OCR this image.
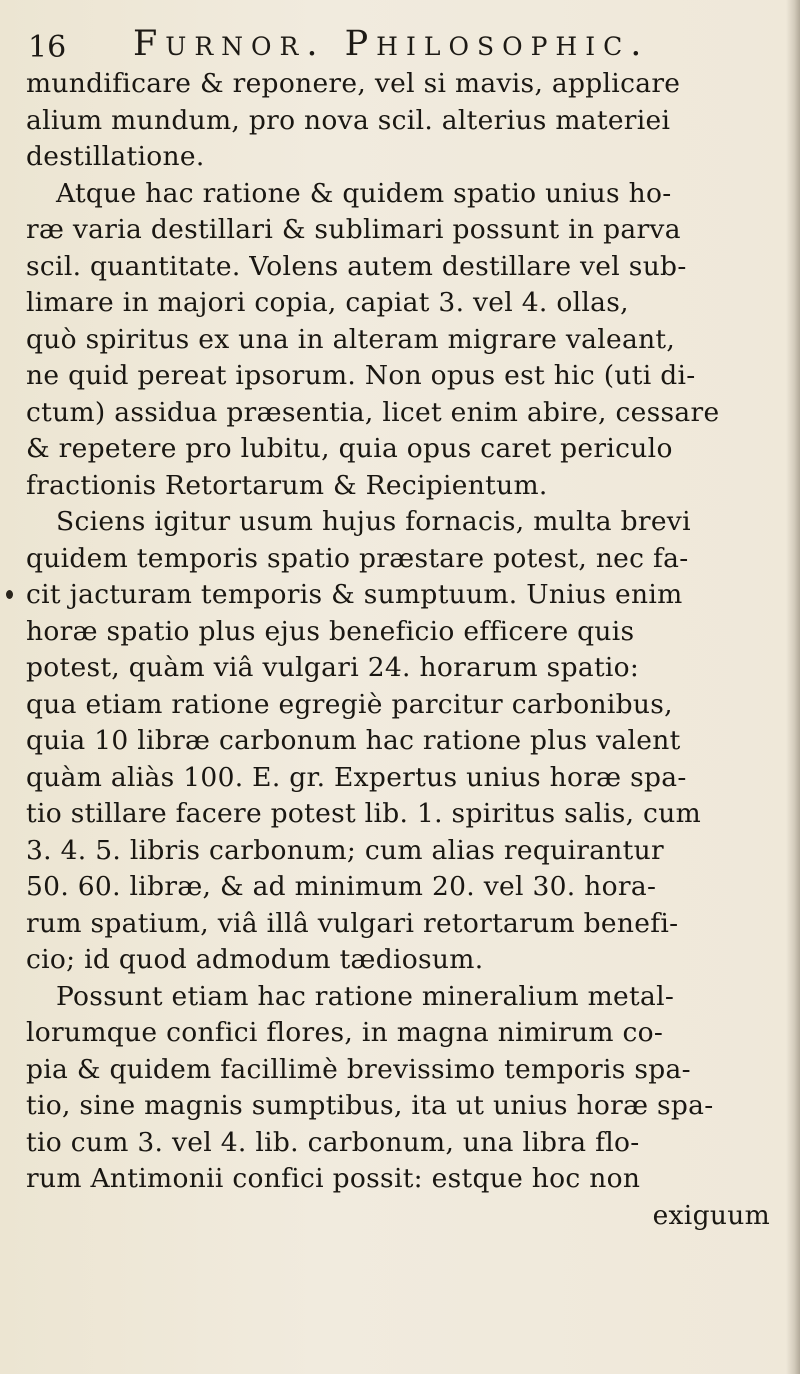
16 Furnor. Philosophic.
mundificare & reponere, vel si mavis, applicare
alium mundum, pro nova scil. alterius materiei
destillatione.
Atque hac ratione & quidem spatio unius ho-
ræ varia destillari & sublimari possunt in parva
scil. quantitate. Volens autem destillare vel sub-
limare in majori copia, capiat 3. vel 4. ollas,
quò spiritus ex una in alteram migrare valeant,
ne quid pereat ipsorum. Non opus est hic (uti di-
ctum) assidua præsentia, licet enim abire, cessare
& repetere pro lubitu, quia opus caret periculo
fractionis Retortarum & Recipientum.
Sciens igitur usum hujus fornacis, multa brevi
quidem temporis spatio præstare potest, nec fa-
cit jacturam temporis & sumptuum. Unius enim
horæ spatio plus ejus beneficio efficere quis
potest, quàm viâ vulgari 24. horarum spatio:
qua etiam ratione egregiè parcitur carbonibus,
quia 10 libræ carbonum hac ratione plus valent
quàm aliàs 100. E. gr. Expertus unius horæ spa-
tio stillare facere potest lib. 1. spiritus salis, cum
3. 4. 5. libris carbonum; cum alias requirantur
50. 60. libræ, & ad minimum 20. vel 30. hora-
rum spatium, viâ illâ vulgari retortarum benefi-
cio; id quod admodum tædiosum.
Possunt etiam hac ratione mineralium metal-
lorumque confici flores, in magna nimirum co-
pia & quidem facillimè brevissimo temporis spa-
tio, sine magnis sumptibus, ita ut unius horæ spa-
tio cum 3. vel 4. lib. carbonum, una libra flo-
rum Antimonii confici possit: estque hoc non
exiguum
